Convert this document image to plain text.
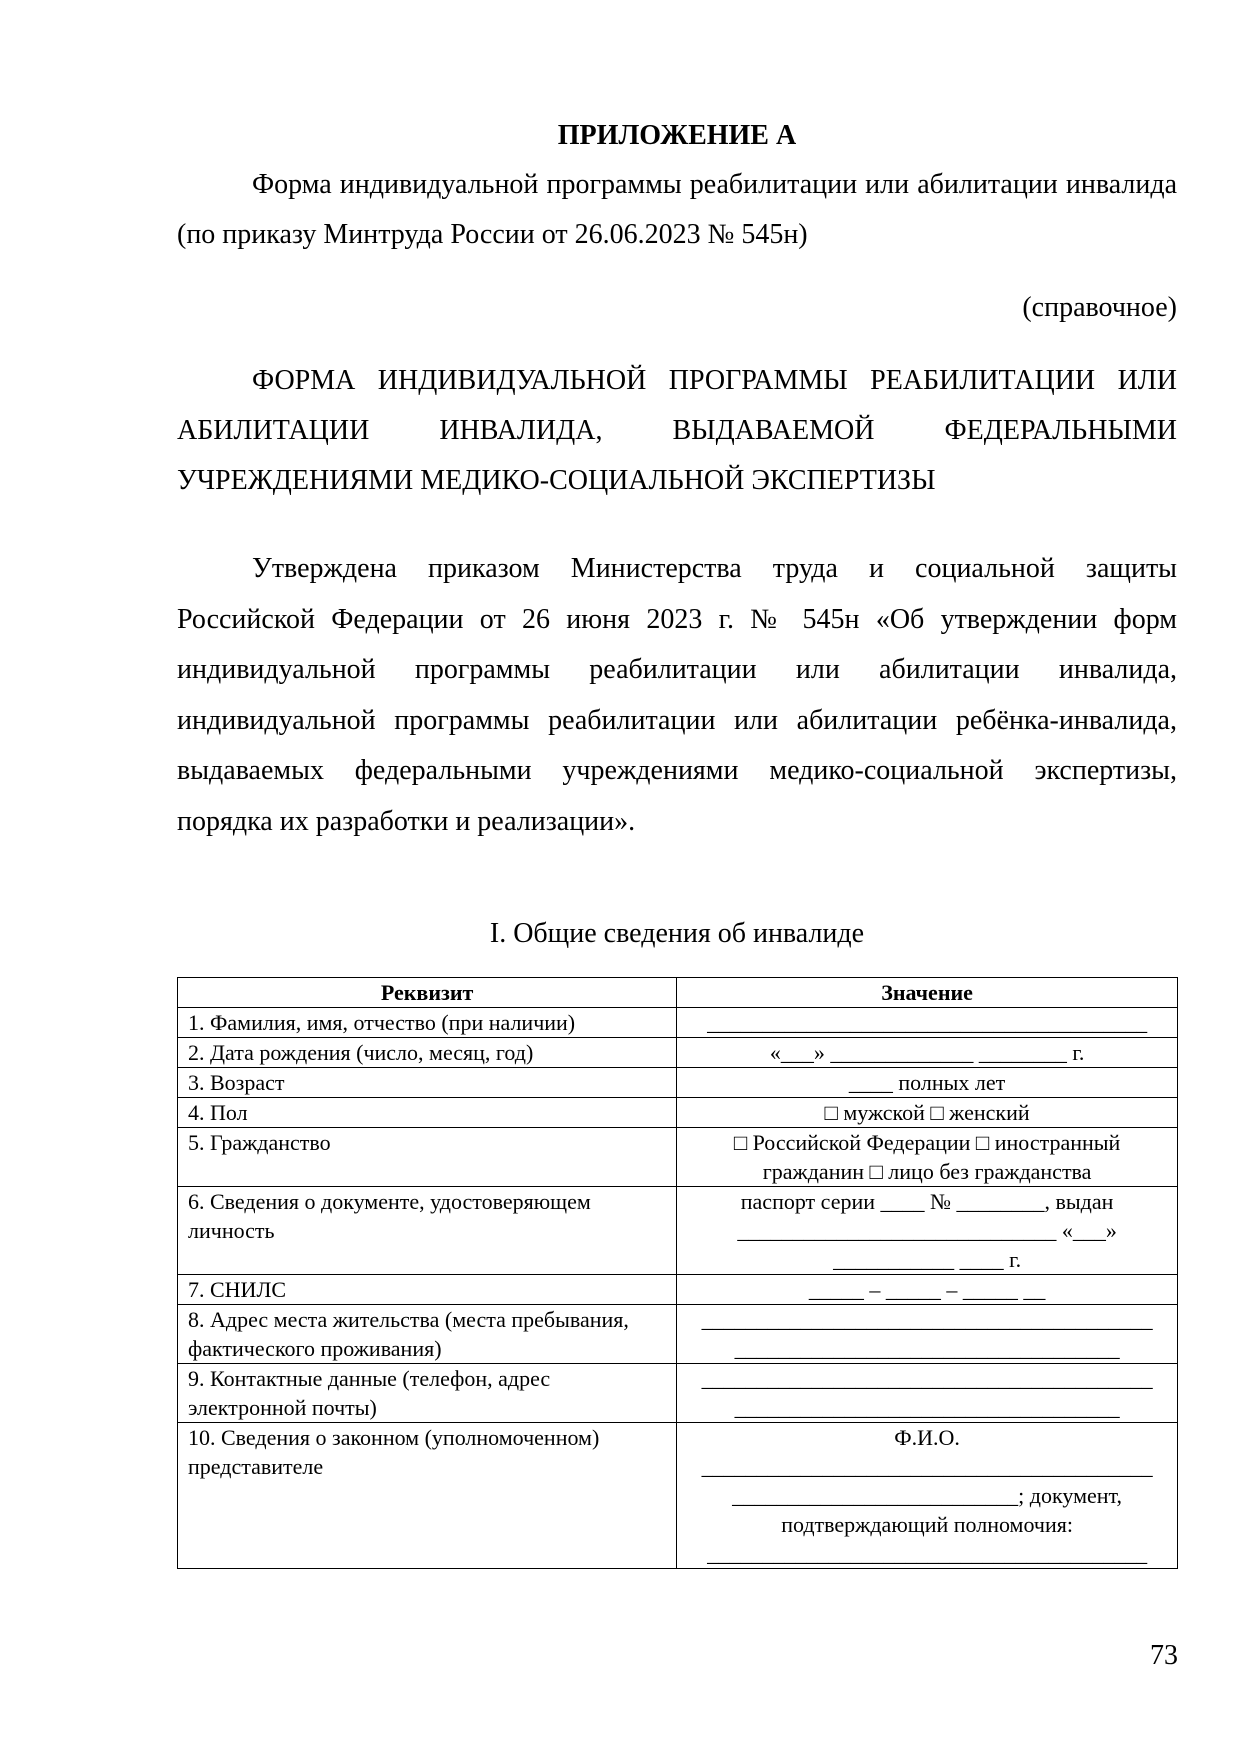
ПРИЛОЖЕНИЕ А

Форма индивидуальной программы реабилитации или абилитации инвалида (по приказу Минтруда России от 26.06.2023 № 545н)

(справочное)

ФОРМА ИНДИВИДУАЛЬНОЙ ПРОГРАММЫ РЕАБИЛИТАЦИИ ИЛИ АБИЛИТАЦИИ ИНВАЛИДА, ВЫДАВАЕМОЙ ФЕДЕРАЛЬНЫМИ УЧРЕЖДЕНИЯМИ МЕДИКО-СОЦИАЛЬНОЙ ЭКСПЕРТИЗЫ

Утверждена приказом Министерства труда и социальной защиты Российской Федерации от 26 июня 2023 г. № 545н «Об утверждении форм индивидуальной программы реабилитации или абилитации инвалида, индивидуальной программы реабилитации или абилитации ребёнка-инвалида, выдаваемых федеральными учреждениями медико-социальной экспертизы, порядка их разработки и реализации».

I. Общие сведения об инвалиде
Реквизит	Значение
1. Фамилия, имя, отчество (при наличии)	________________________________________

2. Дата рождения (число, месяц, год)	«___» _____________ ________ г.

3. Возраст	____ полных лет

4. Пол	□ мужской □ женский

5. Гражданство	□ Российской Федерации □ иностранный
гражданин □ лицо без гражданства

6. Сведения о документе, удостоверяющем личность	паспорт серии ____ № ________, выдан
_____________________________ «___»
___________ ____ г.

7. СНИЛС	_____ – _____ – _____ __

8. Адрес места жительства (места пребывания, фактического проживания)	_________________________________________
___________________________________

9. Контактные данные (телефон, адрес электронной почты)	_________________________________________
___________________________________

10. Сведения о законном (уполномоченном) представителе	Ф.И.О.
_________________________________________
__________________________; документ,
подтверждающий полномочия:
________________________________________
73
